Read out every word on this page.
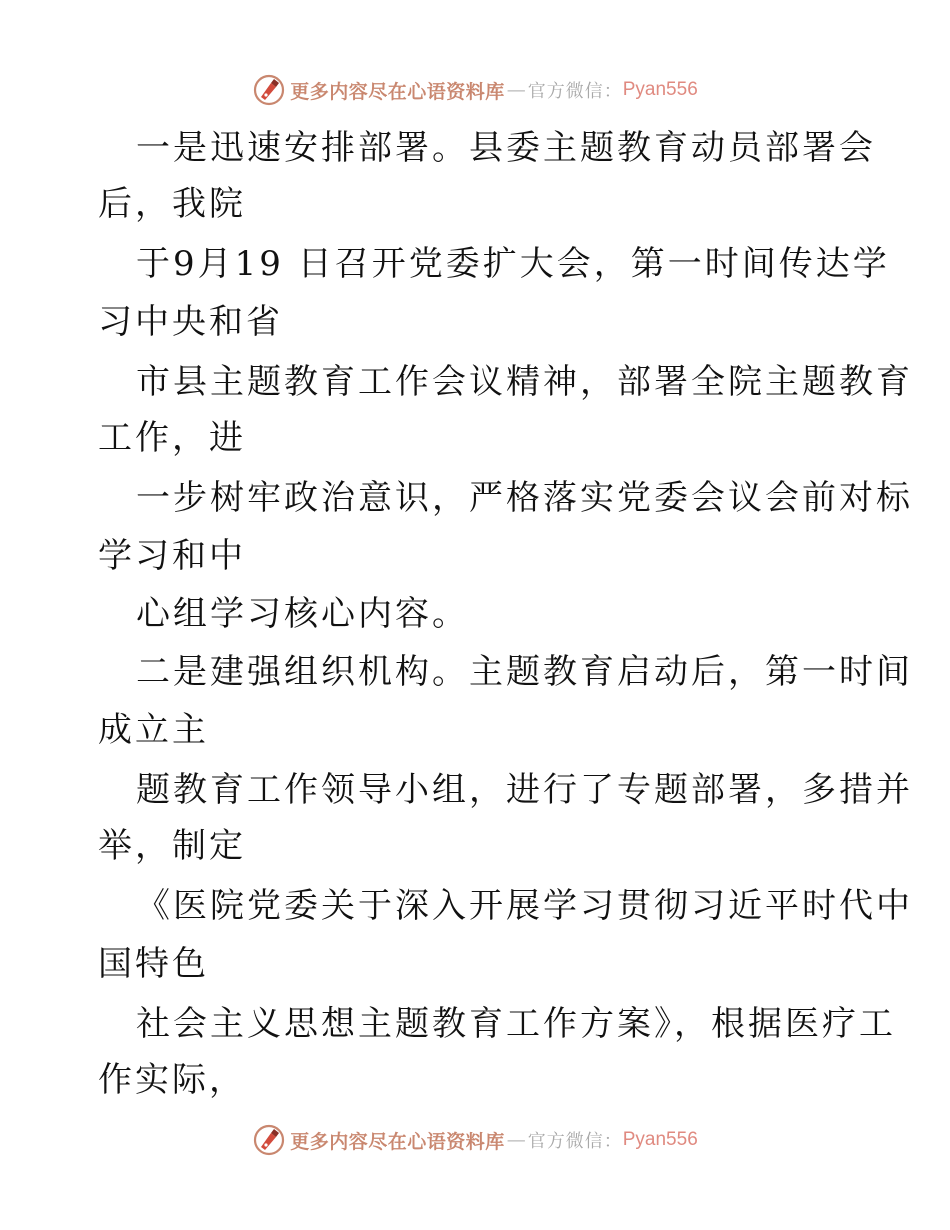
更多内容尽在心语资料库 — 官方微信： Pyan556
一是迅速安排部署。县委主题教育动员部署会
后，我院
于9月19 日召开党委扩大会，第一时间传达学
习中央和省
市县主题教育工作会议精神，部署全院主题教育
工作，进
一步树牢政治意识，严格落实党委会议会前对标
学习和中
心组学习核心内容。
二是建强组织机构。主题教育启动后，第一时间
成立主
题教育工作领导小组，进行了专题部署，多措并
举，制定
《医院党委关于深入开展学习贯彻习近平时代中
国特色
社会主义思想主题教育工作方案》，根据医疗工
作实际，
更多内容尽在心语资料库 — 官方微信： Pyan556
